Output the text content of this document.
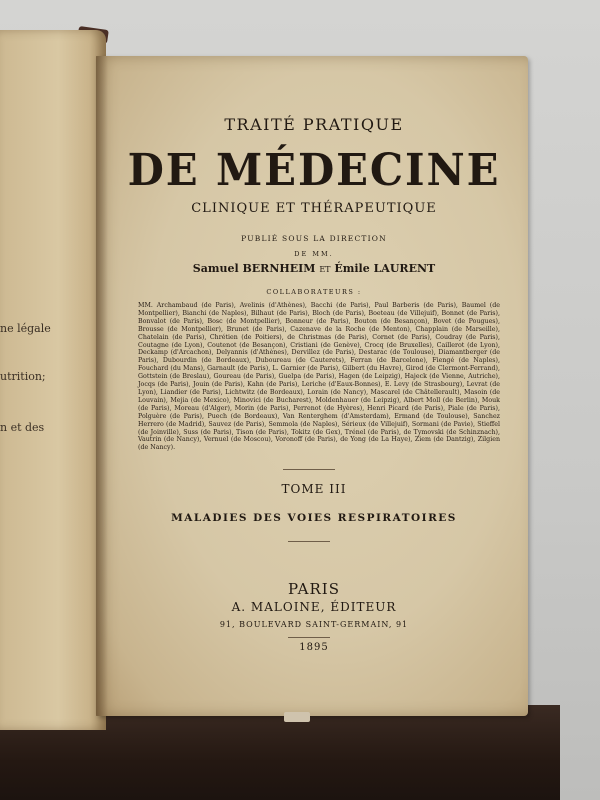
ne légale
utrition;
n et des
TRAITÉ PRATIQUE
DE MÉDECINE
CLINIQUE ET THÉRAPEUTIQUE
PUBLIÉ SOUS LA DIRECTION
DE MM.
Samuel BERNHEIM ET Émile LAURENT
COLLABORATEURS :
MM. Archambaud (de Paris), Avelinis (d'Athènes), Bacchi (de Paris), Paul Barberis (de Paris), Baumel (de Montpellier), Bianchi (de Naples), Bilhaut (de Paris), Bloch (de Paris), Boeteau (de Villejuif), Bonnet (de Paris), Bonvalot (de Paris), Bosc (de Montpellier), Bonneur (de Paris), Bouton (de Besançon), Bovet (de Pougues), Brousse (de Montpellier), Brunet (de Paris), Cazenave de la Roche (de Menton), Chapplain (de Marseille), Chatelain (de Paris), Chrétien (de Poitiers), de Christmas (de Paris), Cornet (de Paris), Coudray (de Paris), Coutagne (de Lyon), Coutenot (de Besançon), Cristiani (de Genève), Crocq (de Bruxelles), Caillerot (de Lyon), Deckamp (d'Arcachon), Delyannis (d'Athènes), Dervillez (de Paris), Destarac (de Toulouse), Diamantberger (de Paris), Dubourdin (de Bordeaux), Duboureau (de Cauterets), Ferran (de Barcelone), Fiengé (de Naples), Fouchard (du Mans), Garnault (de Paris), L. Garnier (de Paris), Gilbert (du Havre), Girod (de Clermont-Ferrand), Gottstein (de Breslau), Goureau (de Paris), Guelpa (de Paris), Hagen (de Leipzig), Hajeck (de Vienne, Autriche), Jocqs (de Paris), Jouin (de Paris), Kahn (de Paris), Leriche (d'Eaux-Bonnes), E. Levy (de Strasbourg), Levrat (de Lyon), Liandier (de Paris), Lichtwitz (de Bordeaux), Lorain (de Nancy), Mascarel (de Châtellerault), Masoin (de Louvain), Mejia (de Mexico), Minovici (de Bucharest), Moldenhauer (de Leipzig), Albert Moll (de Berlin), Mouk (de Paris), Moreau (d'Alger), Morin (de Paris), Perrenot (de Hyères), Henri Picard (de Paris), Piale (de Paris), Polguère (de Paris), Puech (de Bordeaux), Van Renterghem (d'Amsterdam), Ermand (de Toulouse), Sanchez Herrero (de Madrid), Sauvez (de Paris), Semmola (de Naples), Sérieux (de Villejuif), Sormani (de Pavie), Stieffel (de Joinville), Suss (de Paris), Tison (de Paris), Tokitz (de Gex), Trénel (de Paris), de Tymovski (de Schinznach), Vautrin (de Nancy), Vernuel (de Moscou), Voronoff (de Paris), de Yong (de La Haye), Ziem (de Dantzig), Zilgien (de Nancy).
TOME III
MALADIES DES VOIES RESPIRATOIRES
PARIS
A. MALOINE, ÉDITEUR
91, BOULEVARD SAINT-GERMAIN, 91
1895
